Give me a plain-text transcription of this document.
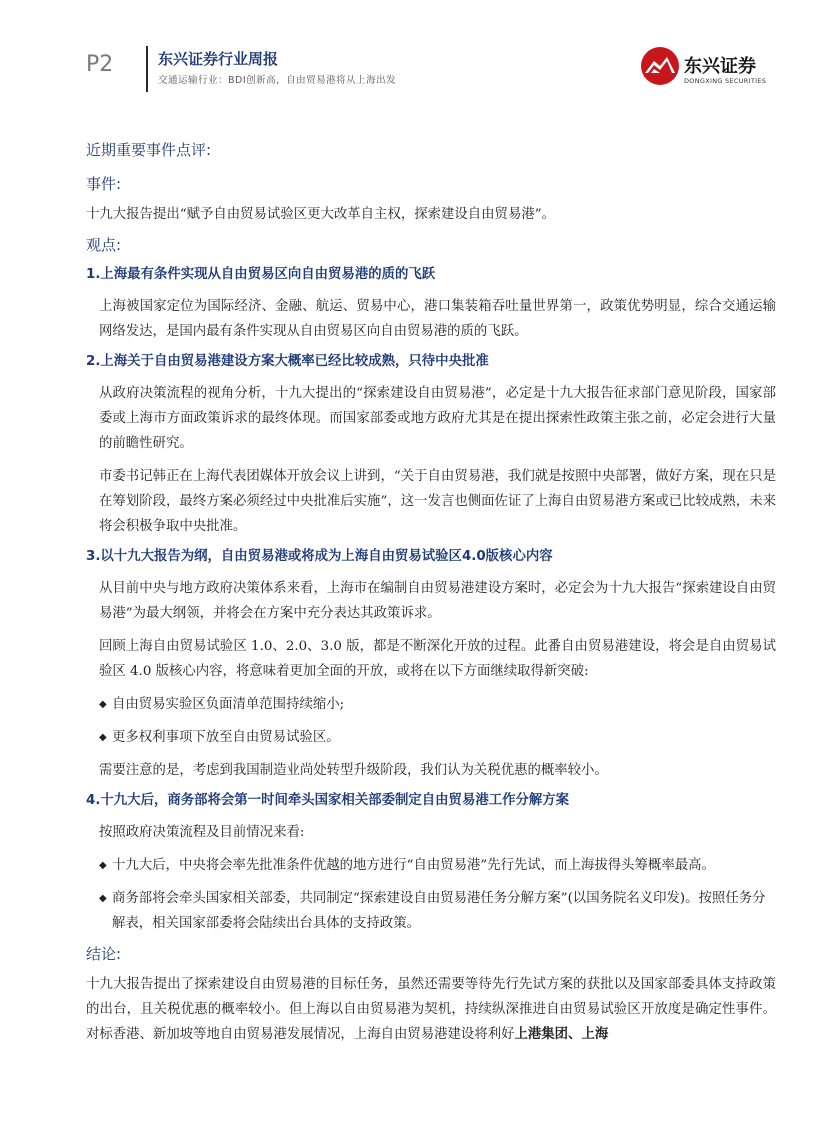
P2	东兴证券行业周报
交通运输行业：BDI创新高，自由贸易港将从上海出发
东兴证券
DONGXING SECURITIES
近期重要事件点评:
事件:
十九大报告提出“赋予自由贸易试验区更大改革自主权，探索建设自由贸易港”。
观点:
1.上海最有条件实现从自由贸易区向自由贸易港的质的飞跃
上海被国家定位为国际经济、金融、航运、贸易中心，港口集装箱吞吐量世界第一，政策优势明显，综合交通运输网络发达，是国内最有条件实现从自由贸易区向自由贸易港的质的飞跃。
2.上海关于自由贸易港建设方案大概率已经比较成熟，只待中央批准
从政府决策流程的视角分析，十九大提出的“探索建设自由贸易港”，必定是十九大报告征求部门意见阶段，国家部委或上海市方面政策诉求的最终体现。而国家部委或地方政府尤其是在提出探索性政策主张之前，必定会进行大量的前瞻性研究。
市委书记韩正在上海代表团媒体开放会议上讲到，“关于自由贸易港，我们就是按照中央部署，做好方案，现在只是在筹划阶段，最终方案必须经过中央批准后实施”，这一发言也侧面佐证了上海自由贸易港方案或已比较成熟，未来将会积极争取中央批准。
3.以十九大报告为纲，自由贸易港或将成为上海自由贸易试验区4.0版核心内容
从目前中央与地方政府决策体系来看，上海市在编制自由贸易港建设方案时，必定会为十九大报告“探索建设自由贸易港”为最大纲领，并将会在方案中充分表达其政策诉求。
回顾上海自由贸易试验区 1.0、2.0、3.0 版，都是不断深化开放的过程。此番自由贸易港建设，将会是自由贸易试验区 4.0 版核心内容，将意味着更加全面的开放，或将在以下方面继续取得新突破:
◆ 自由贸易实验区负面清单范围持续缩小;
◆ 更多权利事项下放至自由贸易试验区。
需要注意的是，考虑到我国制造业尚处转型升级阶段，我们认为关税优惠的概率较小。
4.十九大后，商务部将会第一时间牵头国家相关部委制定自由贸易港工作分解方案
按照政府决策流程及目前情况来看:
◆ 十九大后，中央将会率先批准条件优越的地方进行“自由贸易港”先行先试，而上海拔得头筹概率最高。
◆ 商务部将会牵头国家相关部委，共同制定“探索建设自由贸易港任务分解方案”(以国务院名义印发)。按照任务分解表，相关国家部委将会陆续出台具体的支持政策。
结论:
十九大报告提出了探索建设自由贸易港的目标任务，虽然还需要等待先行先试方案的获批以及国家部委具体支持政策的出台，且关税优惠的概率较小。但上海以自由贸易港为契机，持续纵深推进自由贸易试验区开放度是确定性事件。对标香港、新加坡等地自由贸易港发展情况，上海自由贸易港建设将利好上港集团、上海
